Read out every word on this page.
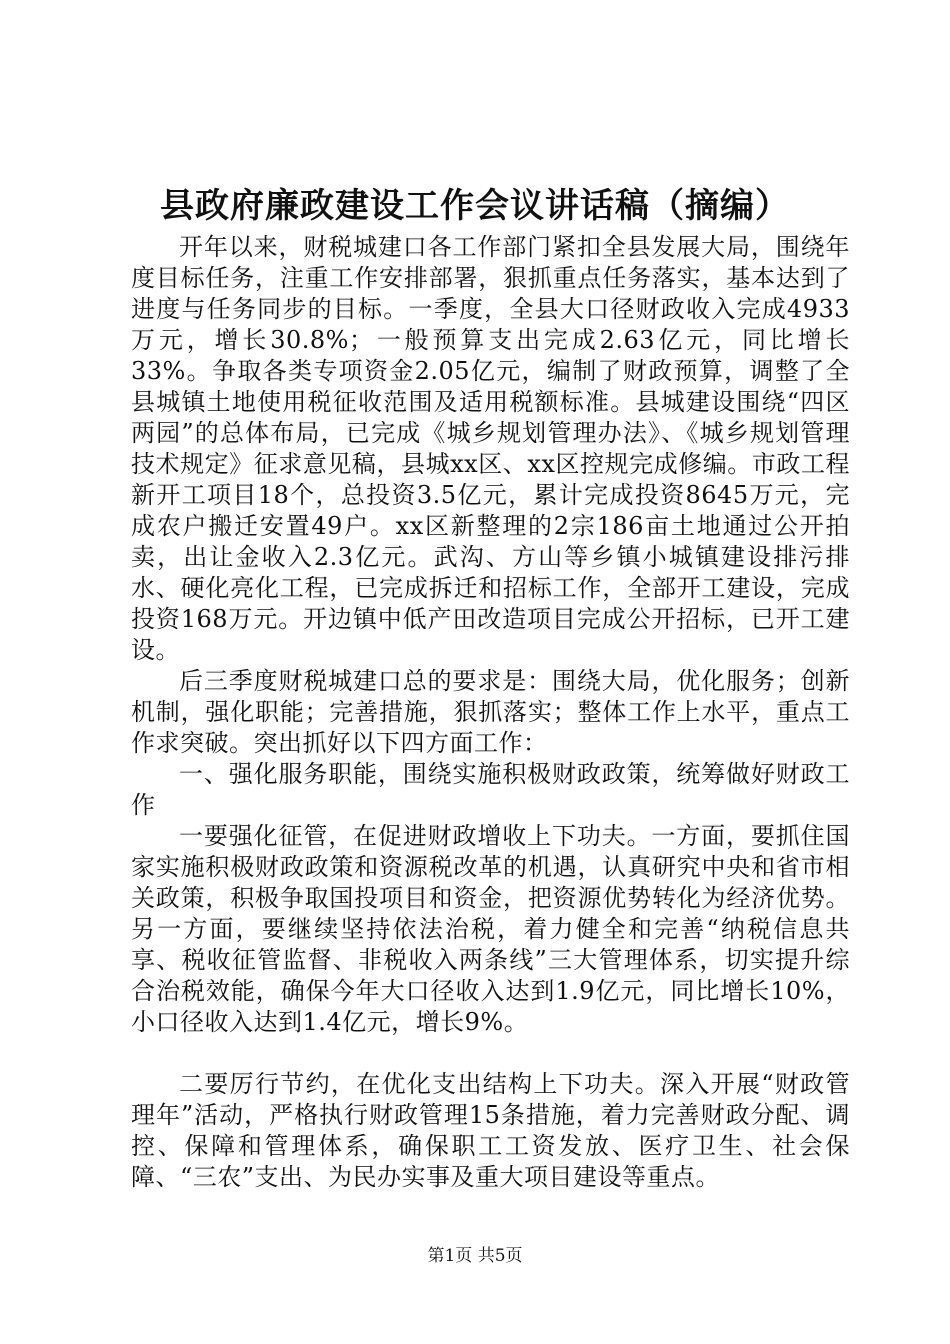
县政府廉政建设工作会议讲话稿（摘编）

开年以来，财税城建口各工作部门紧扣全县发展大局，围绕年度目标任务，注重工作安排部署，狠抓重点任务落实，基本达到了进度与任务同步的目标。一季度，全县大口径财政收入完成4933万元，增长30.8%；一般预算支出完成2.63亿元，同比增长33%。争取各类专项资金2.05亿元，编制了财政预算，调整了全县城镇土地使用税征收范围及适用税额标准。县城建设围绕“四区两园”的总体布局，已完成《城乡规划管理办法》、《城乡规划管理技术规定》征求意见稿，县城xx区、xx区控规完成修编。市政工程新开工项目18个，总投资3.5亿元，累计完成投资8645万元，完成农户搬迁安置49户。xx区新整理的2宗186亩土地通过公开拍卖，出让金收入2.3亿元。武沟、方山等乡镇小城镇建设排污排水、硬化亮化工程，已完成拆迁和招标工作，全部开工建设，完成投资168万元。开边镇中低产田改造项目完成公开招标，已开工建设。

后三季度财税城建口总的要求是：围绕大局，优化服务；创新机制，强化职能；完善措施，狠抓落实；整体工作上水平，重点工作求突破。突出抓好以下四方面工作：

一、强化服务职能，围绕实施积极财政政策，统筹做好财政工作

一要强化征管，在促进财政增收上下功夫。一方面，要抓住国家实施积极财政政策和资源税改革的机遇，认真研究中央和省市相关政策，积极争取国投项目和资金，把资源优势转化为经济优势。另一方面，要继续坚持依法治税，着力健全和完善“纳税信息共享、税收征管监督、非税收入两条线”三大管理体系，切实提升综合治税效能，确保今年大口径收入达到1.9亿元，同比增长10%，小口径收入达到1.4亿元，增长9%。

二要厉行节约，在优化支出结构上下功夫。深入开展“财政管理年”活动，严格执行财政管理15条措施，着力完善财政分配、调控、保障和管理体系，确保职工工资发放、医疗卫生、社会保障、“三农”支出、为民办实事及重大项目建设等重点。

第1页 共5页
